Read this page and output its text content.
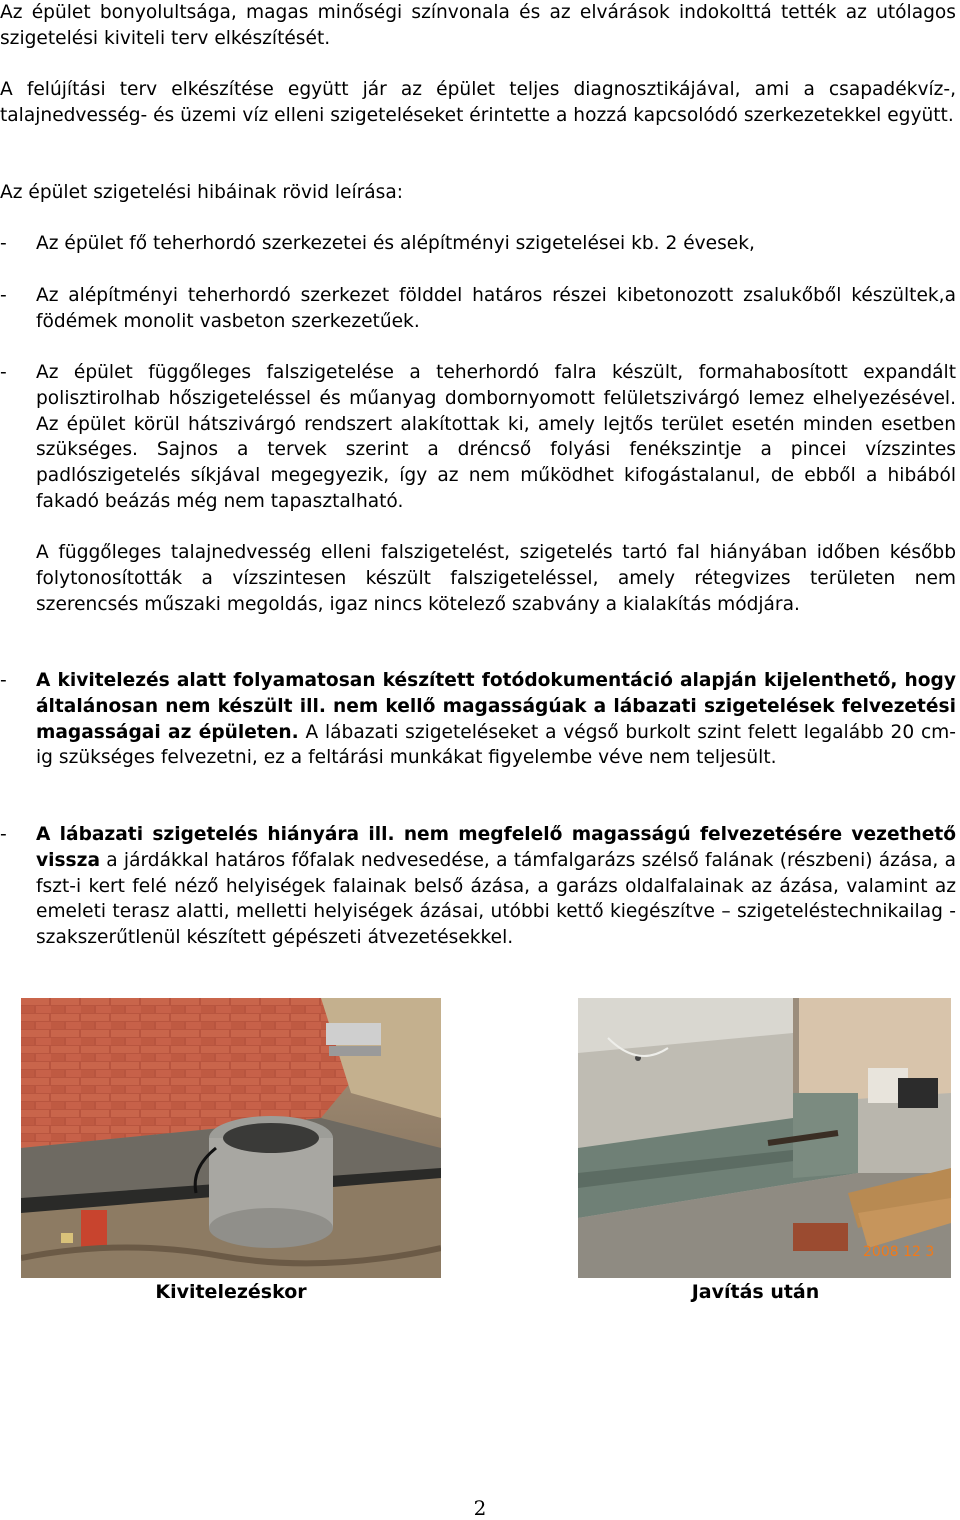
Az épület bonyolultsága, magas minőségi színvonala és az elvárások indokolttá tették az utólagos szigetelési kiviteli terv elkészítését.

A felújítási terv elkészítése együtt jár az épület teljes diagnosztikájával, ami a csapadékvíz-, talajnedvesség- és üzemi víz elleni szigeteléseket érintette a hozzá kapcsolódó szerkezetekkel együtt.

Az épület szigetelési hibáinak rövid leírása:

- Az épület fő teherhordó szerkezetei és alépítményi szigetelései kb. 2 évesek,

- Az alépítményi teherhordó szerkezet földdel határos részei kibetonozott zsalukőből készültek,a födémek monolit vasbeton szerkezetűek.

- Az épület függőleges falszigetelése a teherhordó falra készült, formahabosított expandált polisztirolhab hőszigeteléssel és műanyag dombornyomott felületszivárgó lemez elhelyezésével. Az épület körül hátszivárgó rendszert alakítottak ki, amely lejtős terület esetén minden esetben szükséges. Sajnos a tervek szerint a dréncső folyási fenékszintje a pincei vízszintes padlószigetelés síkjával megegyezik, így az nem működhet kifogástalanul, de ebből a hibából fakadó beázás még nem tapasztalható.

A függőleges talajnedvesség elleni falszigetelést, szigetelés tartó fal hiányában időben később folytonosították a vízszintesen készült falszigeteléssel, amely rétegvizes területen nem szerencsés műszaki megoldás, igaz nincs kötelező szabvány a kialakítás módjára.

- A kivitelezés alatt folyamatosan készített fotódokumentáció alapján kijelenthető, hogy általánosan nem készült ill. nem kellő magasságúak a lábazati szigetelések felvezetési magasságai az épületen. A lábazati szigeteléseket a végső burkolt szint felett legalább 20 cm-ig szükséges felvezetni, ez a feltárási munkákat figyelembe véve nem teljesült.

- A lábazati szigetelés hiányára ill. nem megfelelő magasságú felvezetésére vezethető vissza a járdákkal határos főfalak nedvesedése, a támfalgarázs szélső falának (részbeni) ázása, a fszt-i kert felé néző helyiségek falainak belső ázása, a garázs oldalfalainak az ázása, valamint az emeleti terasz alatti, melletti helyiségek ázásai, utóbbi kettő kiegészítve – szigeteléstechnikailag - szakszerűtlenül készített gépészeti átvezetésekkel.

Kivitelezéskor
2008 12 3
Javítás után
2
